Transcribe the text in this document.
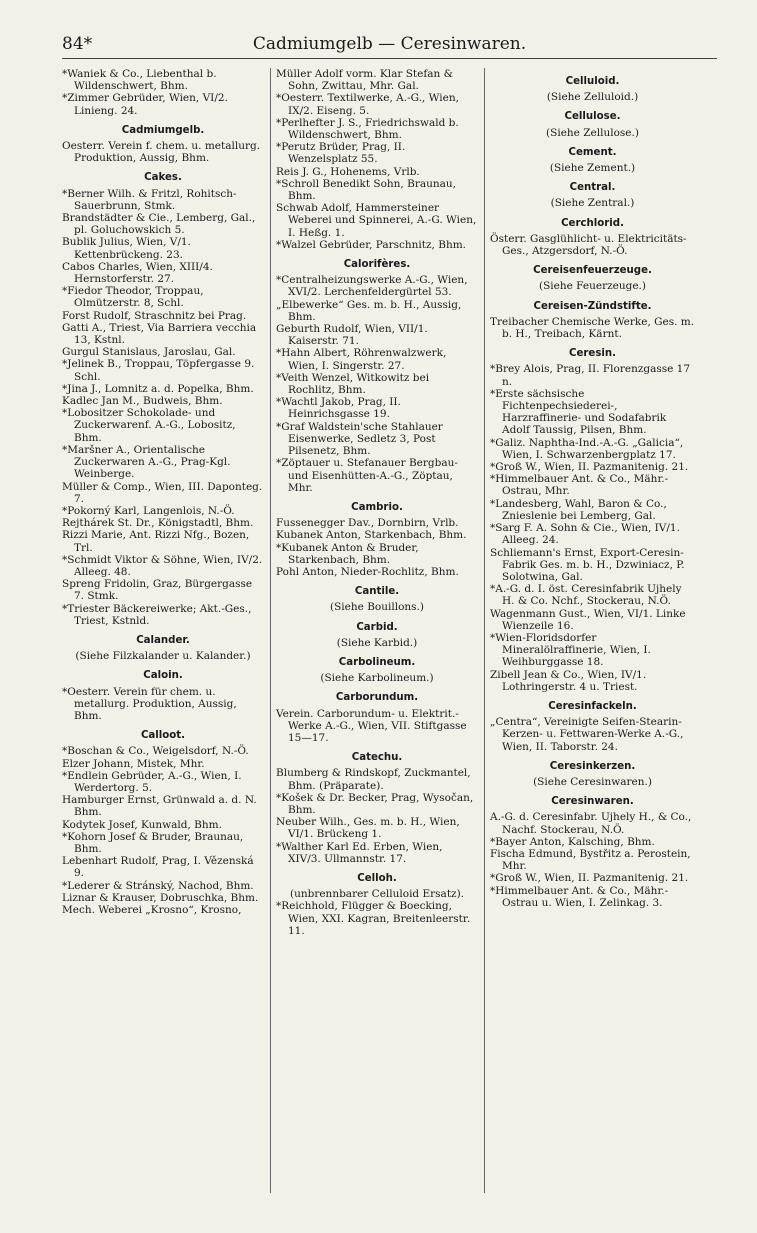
84*	Cadmiumgelb — Ceresinwaren.

*Waniek & Co., Liebenthal b. Wildenschwert, Bhm.

*Zimmer Gebrüder, Wien, VI/2. Linieng. 24.

Cadmiumgelb.

Oesterr. Verein f. chem. u. metallurg. Produktion, Aussig, Bhm.

Cakes.

*Berner Wilh. & Fritzl, Rohitsch-Sauerbrunn, Stmk.

Brandstädter & Cie., Lemberg, Gal., pl. Goluchowskich 5.

Bublik Julius, Wien, V/1. Kettenbrückeng. 23.

Cabos Charles, Wien, XIII/4. Hernstorferstr. 27.

*Fiedor Theodor, Troppau, Olmützerstr. 8, Schl.

Forst Rudolf, Straschnitz bei Prag.

Gatti A., Triest, Via Barriera vecchia 13, Kstnl.

Gurgul Stanislaus, Jaroslau, Gal.

*Jelinek B., Troppau, Töpfergasse 9. Schl.

*Jina J., Lomnitz a. d. Popelka, Bhm.

Kadlec Jan M., Budweis, Bhm.

*Lobositzer Schokolade- und Zuckerwarenf. A.-G., Lobositz, Bhm.

*Maršner A., Orientalische Zuckerwaren A.-G., Prag-Kgl. Weinberge.

Müller & Comp., Wien, III. Daponteg. 7.

*Pokorný Karl, Langenlois, N.-Ö.

Rejthárek St. Dr., Königstadtl, Bhm.

Rizzi Marie, Ant. Rizzi Nfg., Bozen, Trl.

*Schmidt Viktor & Söhne, Wien, IV/2. Alleeg. 48.

Spreng Fridolin, Graz, Bürgergasse 7. Stmk.

*Triester Bäckereiwerke; Akt.-Ges., Triest, Kstnld.

Calander.

(Siehe Filzkalander u. Kalander.)

Caloin.

*Oesterr. Verein für chem. u. metallurg. Produktion, Aussig, Bhm.

Calloot.

*Boschan & Co., Weigelsdorf, N.-Ö.

Elzer Johann, Mistek, Mhr.

*Endlein Gebrüder, A.-G., Wien, I. Werdertorg. 5.

Hamburger Ernst, Grünwald a. d. N. Bhm.

Kodytek Josef, Kunwald, Bhm.

*Kohorn Josef & Bruder, Braunau, Bhm.

Lebenhart Rudolf, Prag, I. Vězenská 9.

*Lederer & Stránský, Nachod, Bhm.

Liznar & Krauser, Dobruschka, Bhm.

Mech. Weberei „Krosno“, Krosno,

Müller Adolf vorm. Klar Stefan & Sohn, Zwittau, Mhr. Gal.

*Oesterr. Textilwerke, A.-G., Wien, IX/2. Eiseng. 5.

*Perlhefter J. S., Friedrichswald b. Wildenschwert, Bhm.

*Perutz Brüder, Prag, II. Wenzelsplatz 55.

Reis J. G., Hohenems, Vrlb.

*Schroll Benedikt Sohn, Braunau, Bhm.

Schwab Adolf, Hammersteiner Weberei und Spinnerei, A.-G. Wien, I. Heßg. 1.

*Walzel Gebrüder, Parschnitz, Bhm.

Calorifères.

*Centralheizungswerke A.-G., Wien, XVI/2. Lerchenfeldergürtel 53.

„Elbewerke“ Ges. m. b. H., Aussig, Bhm.

Geburth Rudolf, Wien, VII/1. Kaiserstr. 71.

*Hahn Albert, Röhrenwalzwerk, Wien, I. Singerstr. 27.

*Veith Wenzel, Witkowitz bei Rochlitz, Bhm.

*Wachtl Jakob, Prag, II. Heinrichsgasse 19.

*Graf Waldstein'sche Stahlauer Eisenwerke, Sedletz 3, Post Pilsenetz, Bhm.

*Zöptauer u. Stefanauer Bergbau- und Eisenhütten-A.-G., Zöptau, Mhr.

Cambrio.

Fussenegger Dav., Dornbirn, Vrlb.

Kubanek Anton, Starkenbach, Bhm.

*Kubanek Anton & Bruder, Starkenbach, Bhm.

Pohl Anton, Nieder-Rochlitz, Bhm.

Cantile.

(Siehe Bouillons.)

Carbid.

(Siehe Karbid.)

Carbolineum.

(Siehe Karbolineum.)

Carborundum.

Verein. Carborundum- u. Elektrit.-Werke A.-G., Wien, VII. Stiftgasse 15—17.

Catechu.

Blumberg & Rindskopf, Zuckmantel, Bhm. (Präparate).

*Košek & Dr. Becker, Prag, Wysočan, Bhm.

Neuber Wilh., Ges. m. b. H., Wien, VI/1. Brückeng 1.

*Walther Karl Ed. Erben, Wien, XIV/3. Ullmannstr. 17.

Celloh.

(unbrennbarer Celluloid Ersatz).

*Reichhold, Flügger & Boecking, Wien, XXI. Kagran, Breitenleerstr. 11.

Celluloid.

(Siehe Zelluloid.)

Cellulose.

(Siehe Zellulose.)

Cement.

(Siehe Zement.)

Central.

(Siehe Zentral.)

Cerchlorid.

Österr. Gasglühlicht- u. Elektricitäts-Ges., Atzgersdorf, N.-Ö.

Cereisenfeuerzeuge.

(Siehe Feuerzeuge.)

Cereisen-Zündstifte.

Treibacher Chemische Werke, Ges. m. b. H., Treibach, Kärnt.

Ceresin.

*Brey Alois, Prag, II. Florenzgasse 17 n.

*Erste sächsische Fichtenpechsiederei-, Harzraffinerie- und Sodafabrik Adolf Taussig, Pilsen, Bhm.

*Galiz. Naphtha-Ind.-A.-G. „Galicia“, Wien, I. Schwarzenbergplatz 17.

*Groß W., Wien, II. Pazmanitenig. 21.

*Himmelbauer Ant. & Co., Mähr.-Ostrau, Mhr.

*Landesberg, Wahl, Baron & Co., Znieslenie bei Lemberg, Gal.

*Sarg F. A. Sohn & Cie., Wien, IV/1. Alleeg. 24.

Schliemann's Ernst, Export-Ceresin-Fabrik Ges. m. b. H., Dzwiniacz, P. Solotwina, Gal.

*A.-G. d. I. öst. Ceresinfabrik Ujhely H. & Co. Nchf., Stockerau, N.Ö.

Wagenmann Gust., Wien, VI/1. Linke Wienzeile 16.

*Wien-Floridsdorfer Mineralölraffinerie, Wien, I. Weihburggasse 18.

Zibell Jean & Co., Wien, IV/1. Lothringerstr. 4 u. Triest.

Ceresinfackeln.

„Centra“, Vereinigte Seifen-Stearin-Kerzen- u. Fettwaren-Werke A.-G., Wien, II. Taborstr. 24.

Ceresinkerzen.

(Siehe Ceresinwaren.)

Ceresinwaren.

A.-G. d. Ceresinfabr. Ujhely H., & Co., Nachf. Stockerau, N.Ö.

*Bayer Anton, Kalsching, Bhm.

Fischa Edmund, Bystřitz a. Perostein, Mhr.

*Groß W., Wien, II. Pazmanitenig. 21.

*Himmelbauer Ant. & Co., Mähr.-Ostrau u. Wien, I. Zelinkag. 3.
